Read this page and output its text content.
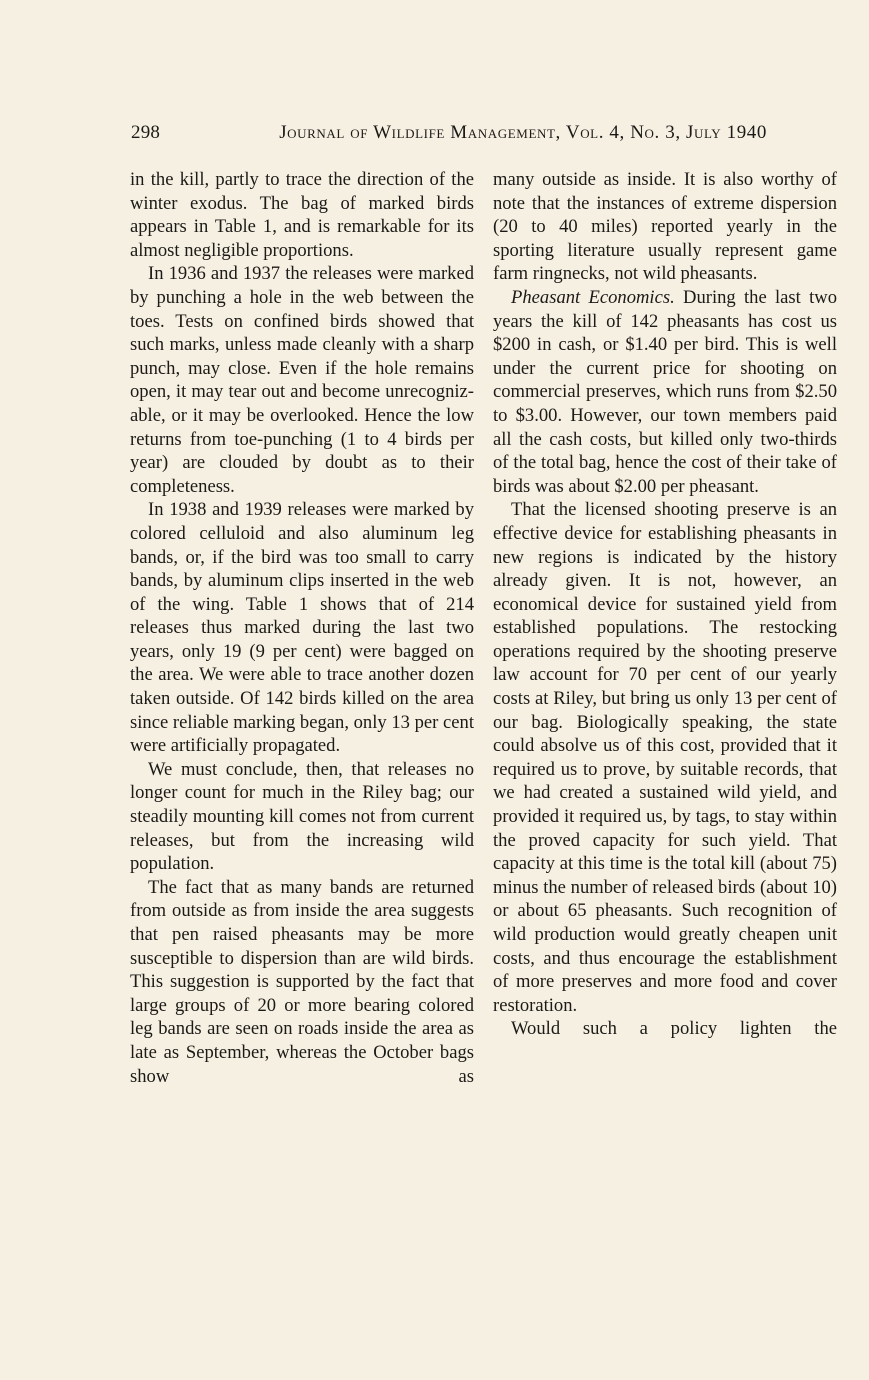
298	Journal of Wildlife Management, Vol. 4, No. 3, July 1940

in the kill, partly to trace the direction of the winter exodus. The bag of marked birds appears in Table 1, and is remarkable for its almost negligible proportions.

In 1936 and 1937 the releases were marked by punching a hole in the web between the toes. Tests on confined birds showed that such marks, unless made cleanly with a sharp punch, may close. Even if the hole remains open, it may tear out and become unrecognizable, or it may be overlooked. Hence the low returns from toe-punching (1 to 4 birds per year) are clouded by doubt as to their completeness.

In 1938 and 1939 releases were marked by colored celluloid and also aluminum leg bands, or, if the bird was too small to carry bands, by aluminum clips inserted in the web of the wing. Table 1 shows that of 214 releases thus marked during the last two years, only 19 (9 per cent) were bagged on the area. We were able to trace another dozen taken outside. Of 142 birds killed on the area since reliable marking began, only 13 per cent were artificially propagated.

We must conclude, then, that releases no longer count for much in the Riley bag; our steadily mounting kill comes not from current releases, but from the increasing wild population.

The fact that as many bands are returned from outside as from inside the area suggests that pen raised pheasants may be more susceptible to dispersion than are wild birds. This suggestion is supported by the fact that large groups of 20 or more bearing colored leg bands are seen on roads inside the area as late as September, whereas the October bags show as

many outside as inside. It is also worthy of note that the instances of extreme dispersion (20 to 40 miles) reported yearly in the sporting literature usually represent game farm ringnecks, not wild pheasants.

Pheasant Economics. During the last two years the kill of 142 pheasants has cost us $200 in cash, or $1.40 per bird. This is well under the current price for shooting on commercial preserves, which runs from $2.50 to $3.00. However, our town members paid all the cash costs, but killed only two-thirds of the total bag, hence the cost of their take of birds was about $2.00 per pheasant.

That the licensed shooting preserve is an effective device for establishing pheasants in new regions is indicated by the history already given. It is not, however, an economical device for sustained yield from established populations. The restocking operations required by the shooting preserve law account for 70 per cent of our yearly costs at Riley, but bring us only 13 per cent of our bag. Biologically speaking, the state could absolve us of this cost, provided that it required us to prove, by suitable records, that we had created a sustained wild yield, and provided it required us, by tags, to stay within the proved capacity for such yield. That capacity at this time is the total kill (about 75) minus the number of released birds (about 10) or about 65 pheasants. Such recognition of wild production would greatly cheapen unit costs, and thus encourage the establishment of more preserves and more food and cover restoration.

Would such a policy lighten the
